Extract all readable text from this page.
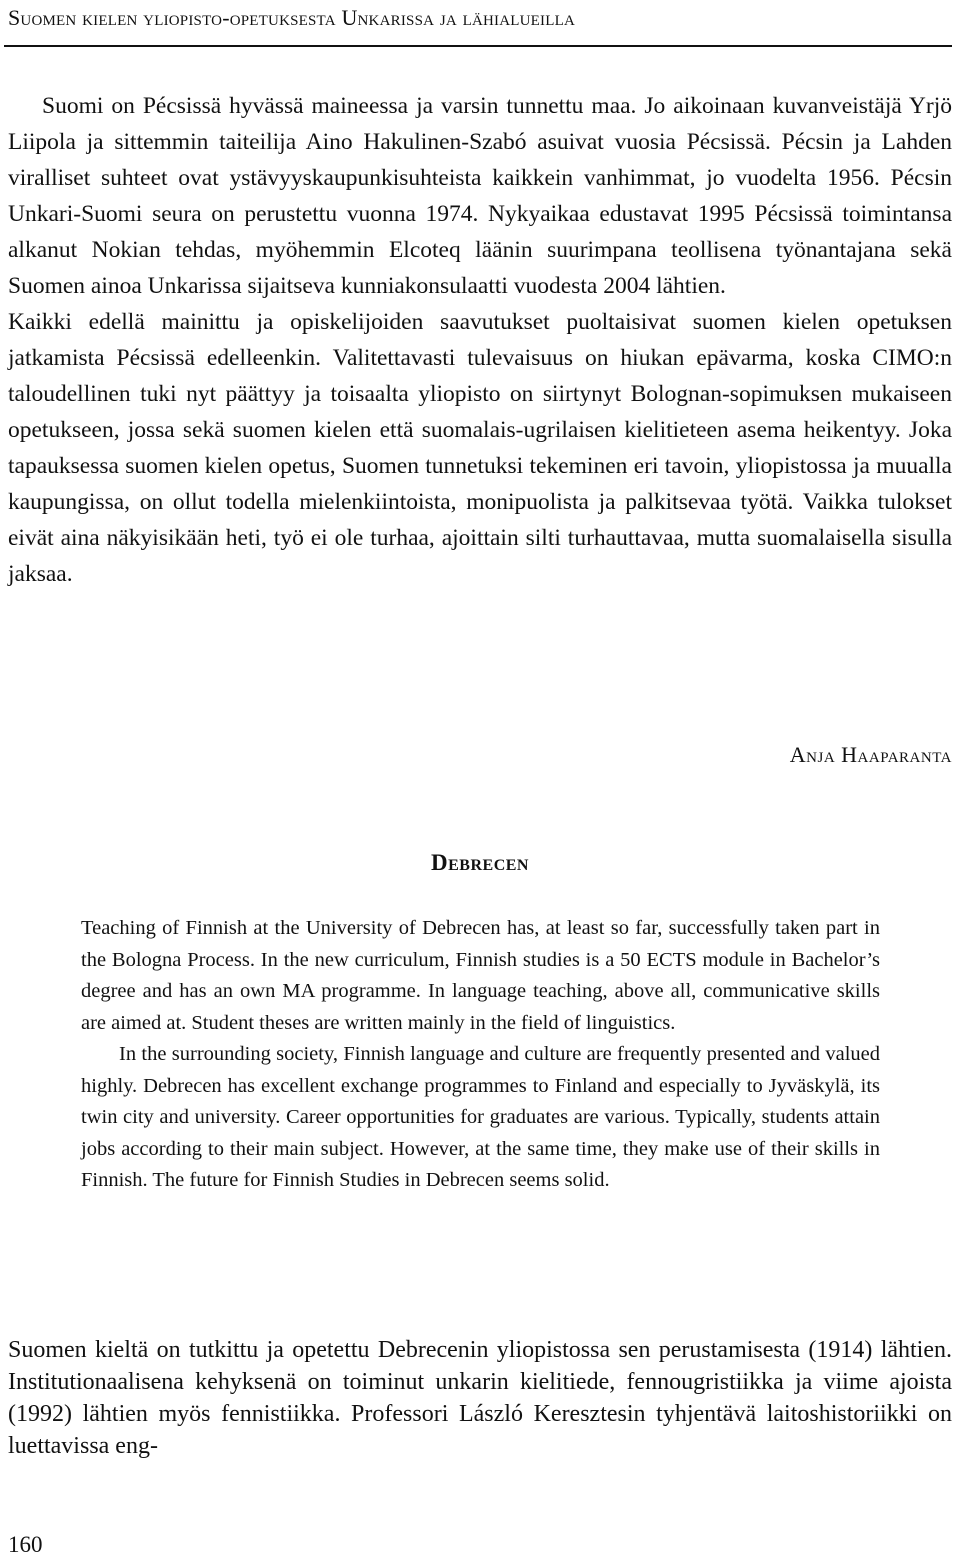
Suomen kielen yliopisto-opetuksesta Unkarissa ja lähialueilla

Suomi on Pécsissä hyvässä maineessa ja varsin tunnettu maa. Jo aikoinaan kuvanveistäjä Yrjö Liipola ja sittemmin taiteilija Aino Hakulinen-Szabó asuivat vuosia Pécsissä. Pécsin ja Lahden viralliset suhteet ovat ystävyyskaupunkisuhteista kaikkein vanhimmat, jo vuodelta 1956. Pécsin Unkari-Suomi seura on perustettu vuonna 1974. Nykyaikaa edustavat 1995 Pécsissä toimintansa alkanut Nokian tehdas, myöhemmin Elcoteq läänin suurimpana teollisena työnantajana sekä Suomen ainoa Unkarissa sijaitseva kunniakonsulaatti vuodesta 2004 lähtien.

Kaikki edellä mainittu ja opiskelijoiden saavutukset puoltaisivat suomen kielen opetuksen jatkamista Pécsissä edelleenkin. Valitettavasti tulevaisuus on hiukan epävarma, koska CIMO:n taloudellinen tuki nyt päättyy ja toisaalta yliopisto on siirtynyt Bolognan-sopimuksen mukaiseen opetukseen, jossa sekä suomen kielen että suomalais-ugrilaisen kielitieteen asema heikentyy. Joka tapauksessa suomen kielen opetus, Suomen tunnetuksi tekeminen eri tavoin, yliopistossa ja muualla kaupungissa, on ollut todella mielenkiintoista, monipuolista ja palkitsevaa työtä. Vaikka tulokset eivät aina näkyisikään heti, työ ei ole turhaa, ajoittain silti turhauttavaa, mutta suomalaisella sisulla jaksaa.

Anja Haaparanta
Debrecen

Teaching of Finnish at the University of Debrecen has, at least so far, successfully taken part in the Bologna Process. In the new curriculum, Finnish studies is a 50 ECTS module in Bachelor’s degree and has an own MA programme. In language teaching, above all, communicative skills are aimed at. Student theses are written mainly in the field of linguistics.

In the surrounding society, Finnish language and culture are frequently presented and valued highly. Debrecen has excellent exchange programmes to Finland and especially to Jyväskylä, its twin city and university. Career opportunities for graduates are various. Typically, students attain jobs according to their main subject. However, at the same time, they make use of their skills in Finnish. The future for Finnish Studies in Debrecen seems solid.

Suomen kieltä on tutkittu ja opetettu Debrecenin yliopistossa sen perustamisesta (1914) lähtien. Institutionaalisena kehyksenä on toiminut unkarin kielitiede, fennougristiikka ja viime ajoista (1992) lähtien myös fennistiikka. Professori László Keresztesin tyhjentävä laitoshistoriikki on luettavissa eng-

160
